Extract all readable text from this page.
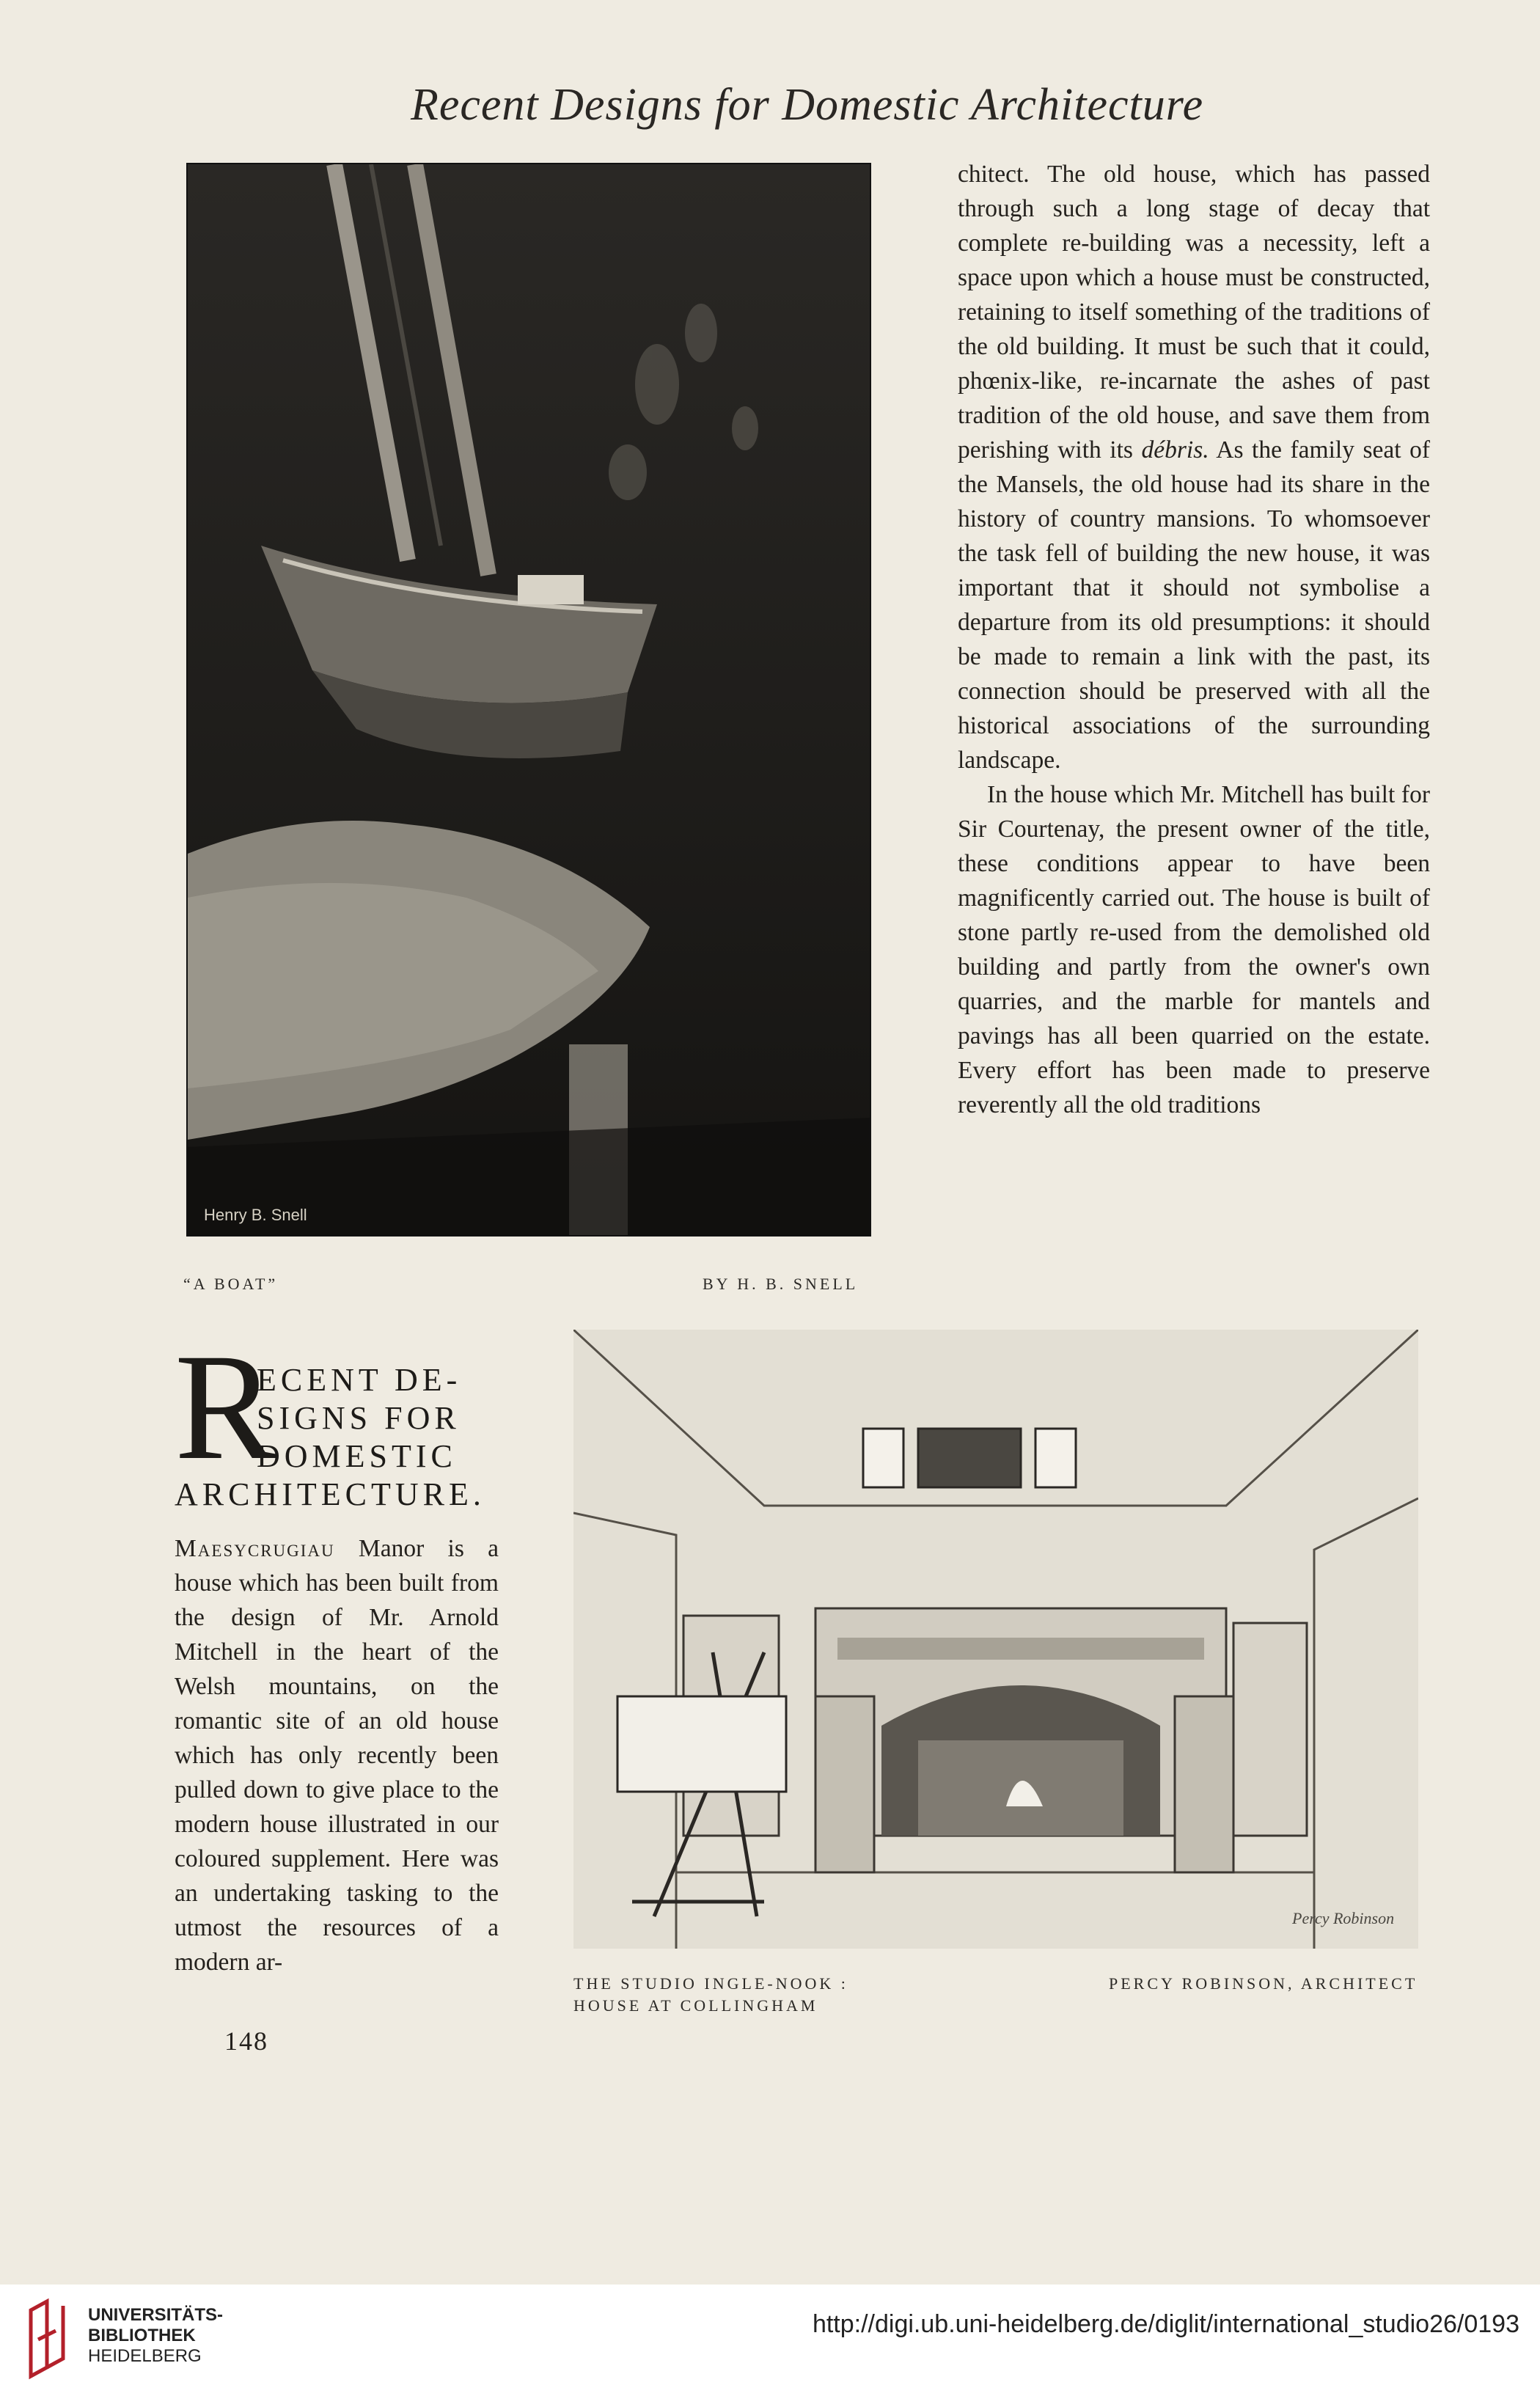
Recent Designs for Domestic Architecture
Henry B. Snell
“A BOAT”	BY H. B. SNELL

chitect. The old house, which has passed through such a long stage of decay that complete re-building was a necessity, left a space upon which a house must be constructed, retaining to itself something of the traditions of the old building. It must be such that it could, phœnix-like, re-incarnate the ashes of past tradition of the old house, and save them from perishing with its débris. As the family seat of the Mansels, the old house had its share in the history of country mansions. To whomsoever the task fell of building the new house, it was important that it should not symbolise a departure from its old presumptions: it should be made to remain a link with the past, its connection should be preserved with all the historical associations of the surrounding landscape.

In the house which Mr. Mitchell has built for Sir Courtenay, the present owner of the title, these conditions appear to have been magnificently carried out. The house is built of stone partly re-used from the demolished old building and partly from the owner's own quarries, and the marble for mantels and pavings has all been quarried on the estate. Every effort has been made to preserve reverently all the old traditions

R
ECENT DE-
SIGNS FOR
DOMESTIC
ARCHITECTURE.

Maesycrugiau Manor is a house which has been built from the design of Mr. Arnold Mitchell in the heart of the Welsh mountains, on the romantic site of an old house which has only recently been pulled down to give place to the modern house illustrated in our coloured supplement. Here was an undertaking tasking to the utmost the resources of a modern ar-

148
Percy Robinson
THE STUDIO INGLE-NOOK :
HOUSE AT COLLINGHAM
PERCY ROBINSON, ARCHITECT
UNIVERSITÄTS-
BIBLIOTHEK
HEIDELBERG
http://digi.ub.uni-heidelberg.de/diglit/international_studio26/0193
